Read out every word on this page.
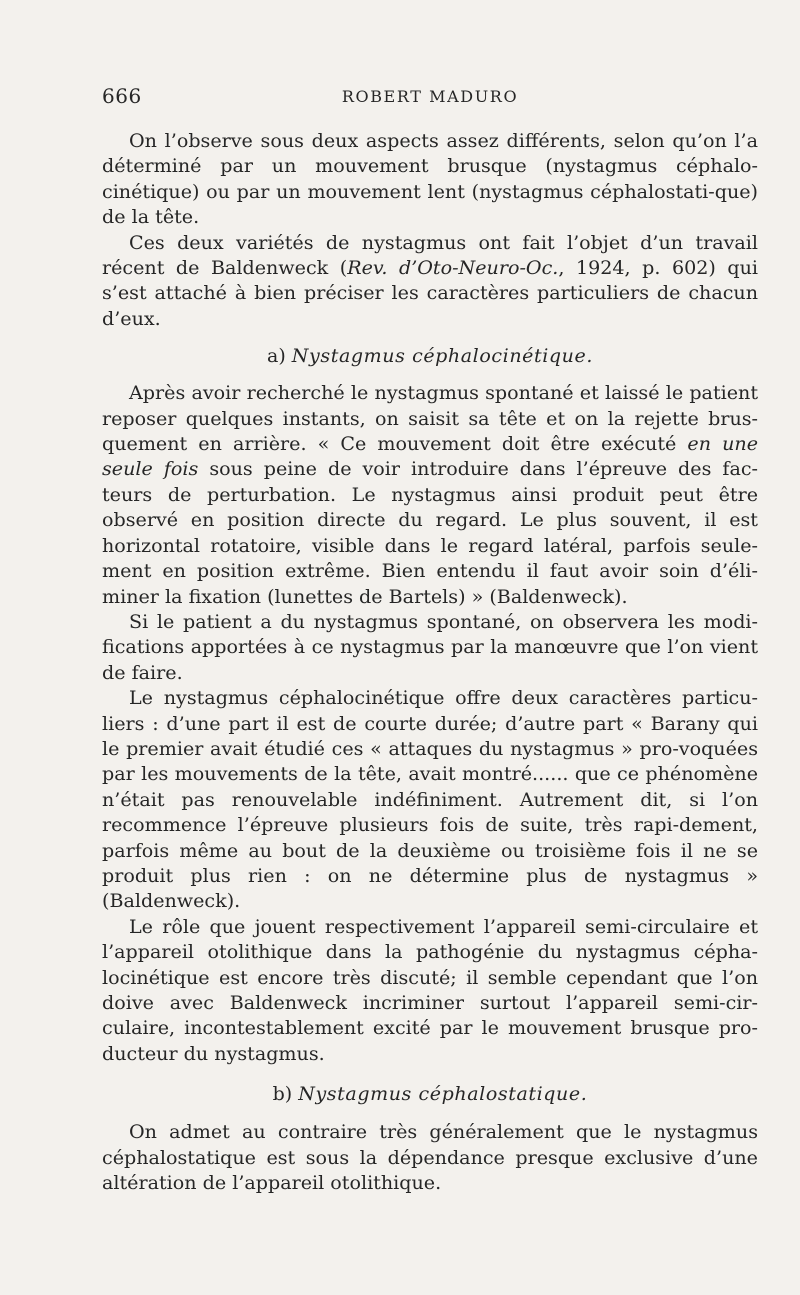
666	ROBERT MADURO

On l’observe sous deux aspects assez différents, selon qu’on l’a déterminé par un mouvement brusque (nystagmus céphalo-cinétique) ou par un mouvement lent (nystagmus céphalostati-que) de la tête.

Ces deux variétés de nystagmus ont fait l’objet d’un travail récent de Baldenweck (Rev. d’Oto-Neuro-Oc., 1924, p. 602) qui s’est attaché à bien préciser les caractères particuliers de chacun d’eux.

a) Nystagmus céphalocinétique.

Après avoir recherché le nystagmus spontané et laissé le patient reposer quelques instants, on saisit sa tête et on la rejette brus-quement en arrière. « Ce mouvement doit être exécuté en une seule fois sous peine de voir introduire dans l’épreuve des fac-teurs de perturbation. Le nystagmus ainsi produit peut être observé en position directe du regard. Le plus souvent, il est horizontal rotatoire, visible dans le regard latéral, parfois seule-ment en position extrême. Bien entendu il faut avoir soin d’éli-miner la fixation (lunettes de Bartels) » (Baldenweck).

Si le patient a du nystagmus spontané, on observera les modi-fications apportées à ce nystagmus par la manœuvre que l’on vient de faire.

Le nystagmus céphalocinétique offre deux caractères particu-liers : d’une part il est de courte durée; d’autre part « Barany qui le premier avait étudié ces « attaques du nystagmus » pro-voquées par les mouvements de la tête, avait montré...... que ce phénomène n’était pas renouvelable indéfiniment. Autrement dit, si l’on recommence l’épreuve plusieurs fois de suite, très rapi-dement, parfois même au bout de la deuxième ou troisième fois il ne se produit plus rien : on ne détermine plus de nystagmus » (Baldenweck).

Le rôle que jouent respectivement l’appareil semi-circulaire et l’appareil otolithique dans la pathogénie du nystagmus cépha-locinétique est encore très discuté; il semble cependant que l’on doive avec Baldenweck incriminer surtout l’appareil semi-cir-culaire, incontestablement excité par le mouvement brusque pro-ducteur du nystagmus.

b) Nystagmus céphalostatique.

On admet au contraire très généralement que le nystagmus céphalostatique est sous la dépendance presque exclusive d’une altération de l’appareil otolithique.
